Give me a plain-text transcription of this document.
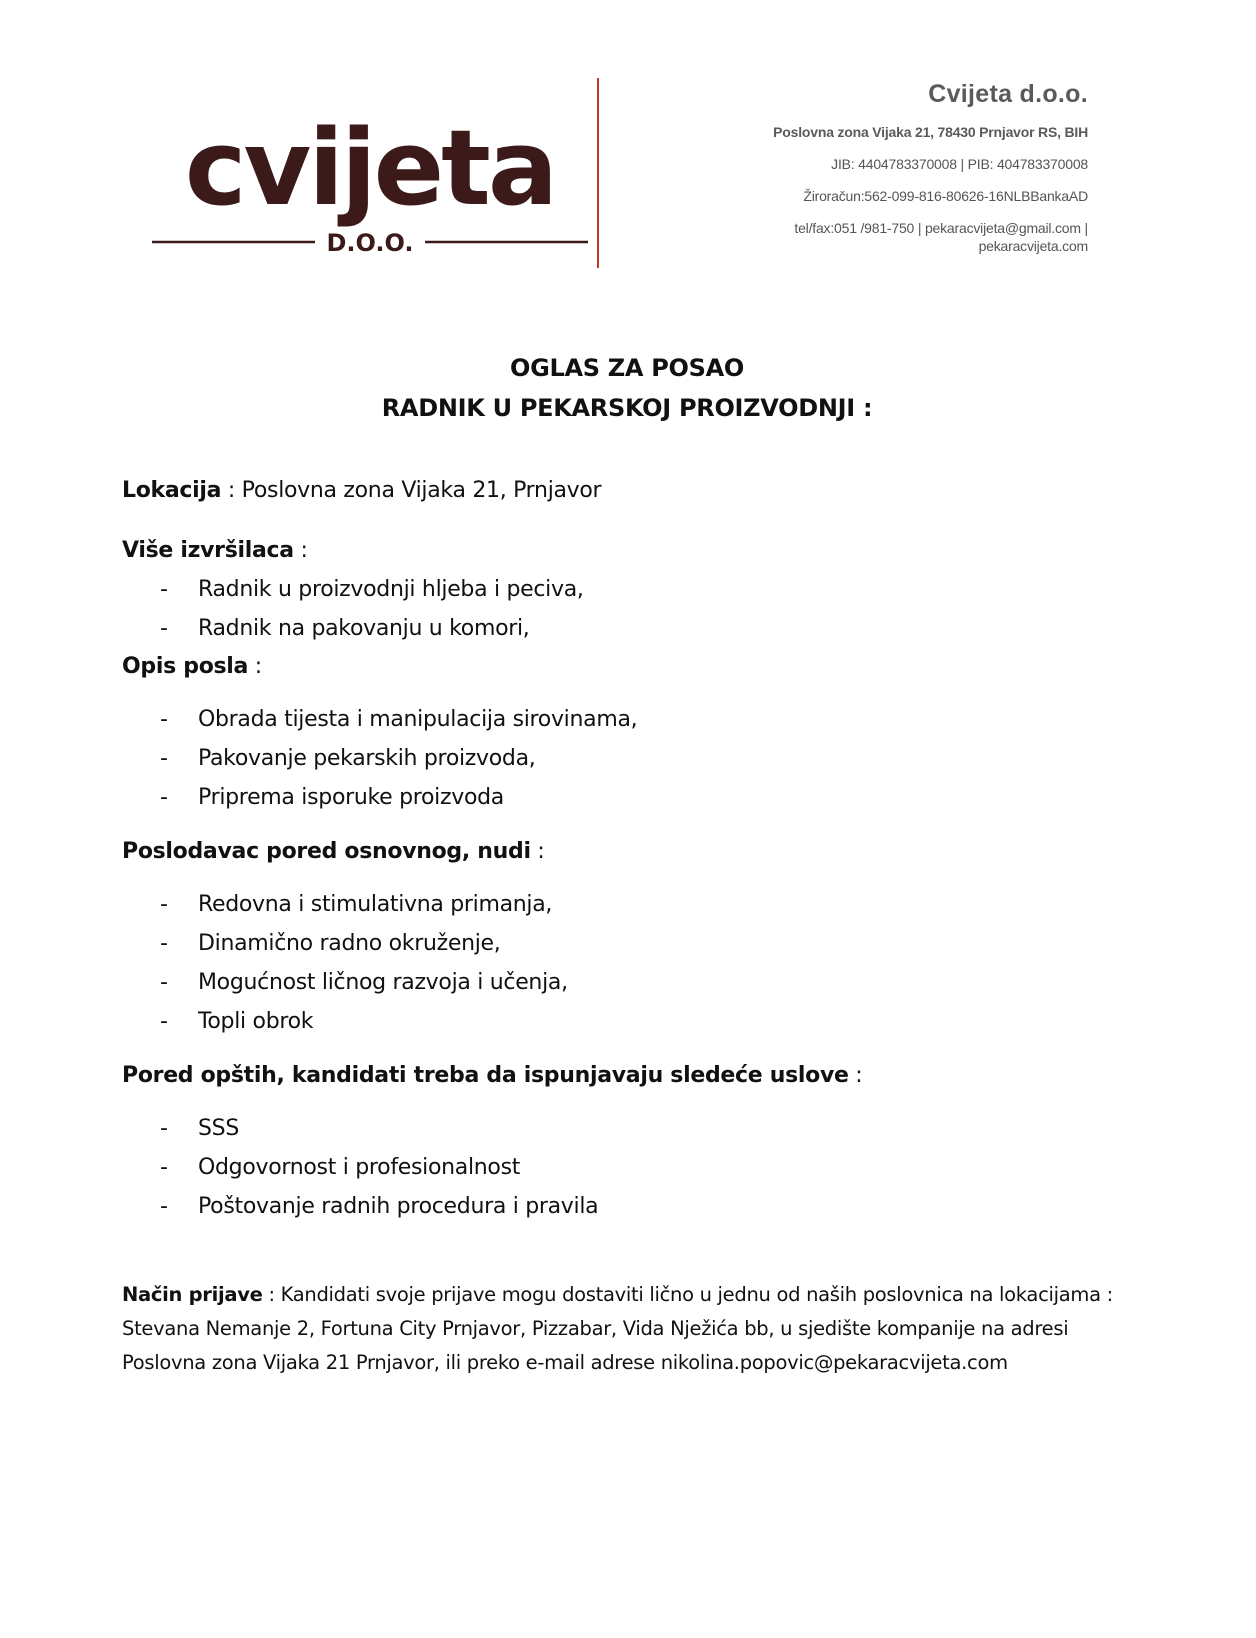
cvijeta
D.O.O.
Cvijeta d.o.o.
Poslovna zona Vijaka 21, 78430 Prnjavor RS, BIH
JIB: 4404783370008 | PIB: 404783370008
Žiroračun:562-099-816-80626-16NLBBankaAD
tel/fax:051 /981-750 | pekaracvijeta@gmail.com |
pekaracvijeta.com
OGLAS ZA POSAO
RADNIK U PEKARSKOJ PROIZVODNJI :
Lokacija : Poslovna zona Vijaka 21, Prnjavor
Više izvršilaca :
- Radnik u proizvodnji hljeba i peciva,
- Radnik na pakovanju u komori,
Opis posla :
- Obrada tijesta i manipulacija sirovinama,
- Pakovanje pekarskih proizvoda,
- Priprema isporuke proizvoda
Poslodavac pored osnovnog, nudi :
- Redovna i stimulativna primanja,
- Dinamično radno okruženje,
- Mogućnost ličnog razvoja i učenja,
- Topli obrok
Pored opštih, kandidati treba da ispunjavaju sledeće uslove :
- SSS
- Odgovornost i profesionalnost
- Poštovanje radnih procedura i pravila
Način prijave : Kandidati svoje prijave mogu dostaviti lično u jednu od naših poslovnica na lokacijama : Stevana Nemanje 2, Fortuna City Prnjavor, Pizzabar, Vida Nježića bb, u sjedište kompanije na adresi Poslovna zona Vijaka 21 Prnjavor, ili preko e-mail adrese nikolina.popovic@pekaracvijeta.com
